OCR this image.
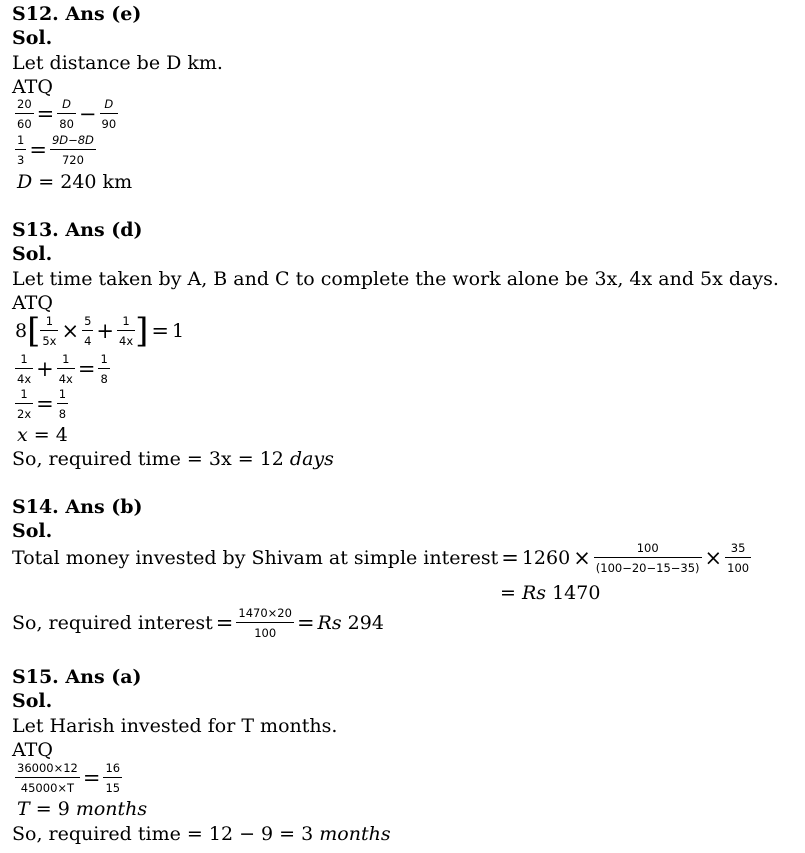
S12. Ans (e)
Sol.
Let distance be D km.
ATQ
$\frac{20}{60} = \frac{D}{80} - \frac{D}{90}$
$\frac{1}{3} = \frac{9D-8D}{720}$
D = 240 km
S13. Ans (d)
Sol.
Let time taken by A, B and C to complete the work alone be 3x, 4x and 5x days.
ATQ
8 [ $\frac{1}{5x} \times \frac{5}{4} + \frac{1}{4x}$ ] = 1
$\frac{1}{4x} + \frac{1}{4x} = \frac{1}{8}$
$\frac{1}{2x} = \frac{1}{8}$
x = 4
So, required time = 3x = 12 days
S14. Ans (b)
Sol.
Total money invested by Shivam at simple interest = $1260 \times \frac{100}{(100-20-15-35)} \times \frac{35}{100}$
= Rs 1470
So, required interest = $\frac{1470\times 20}{100} = Rs$
294
S15. Ans (a)
Sol.
Let Harish invested for T months.
ATQ
$\frac{36000\times 12}{45000\times T} = \frac{16}{15}$
T = 9 months
So, required time = 12 − 9 = 3 months
